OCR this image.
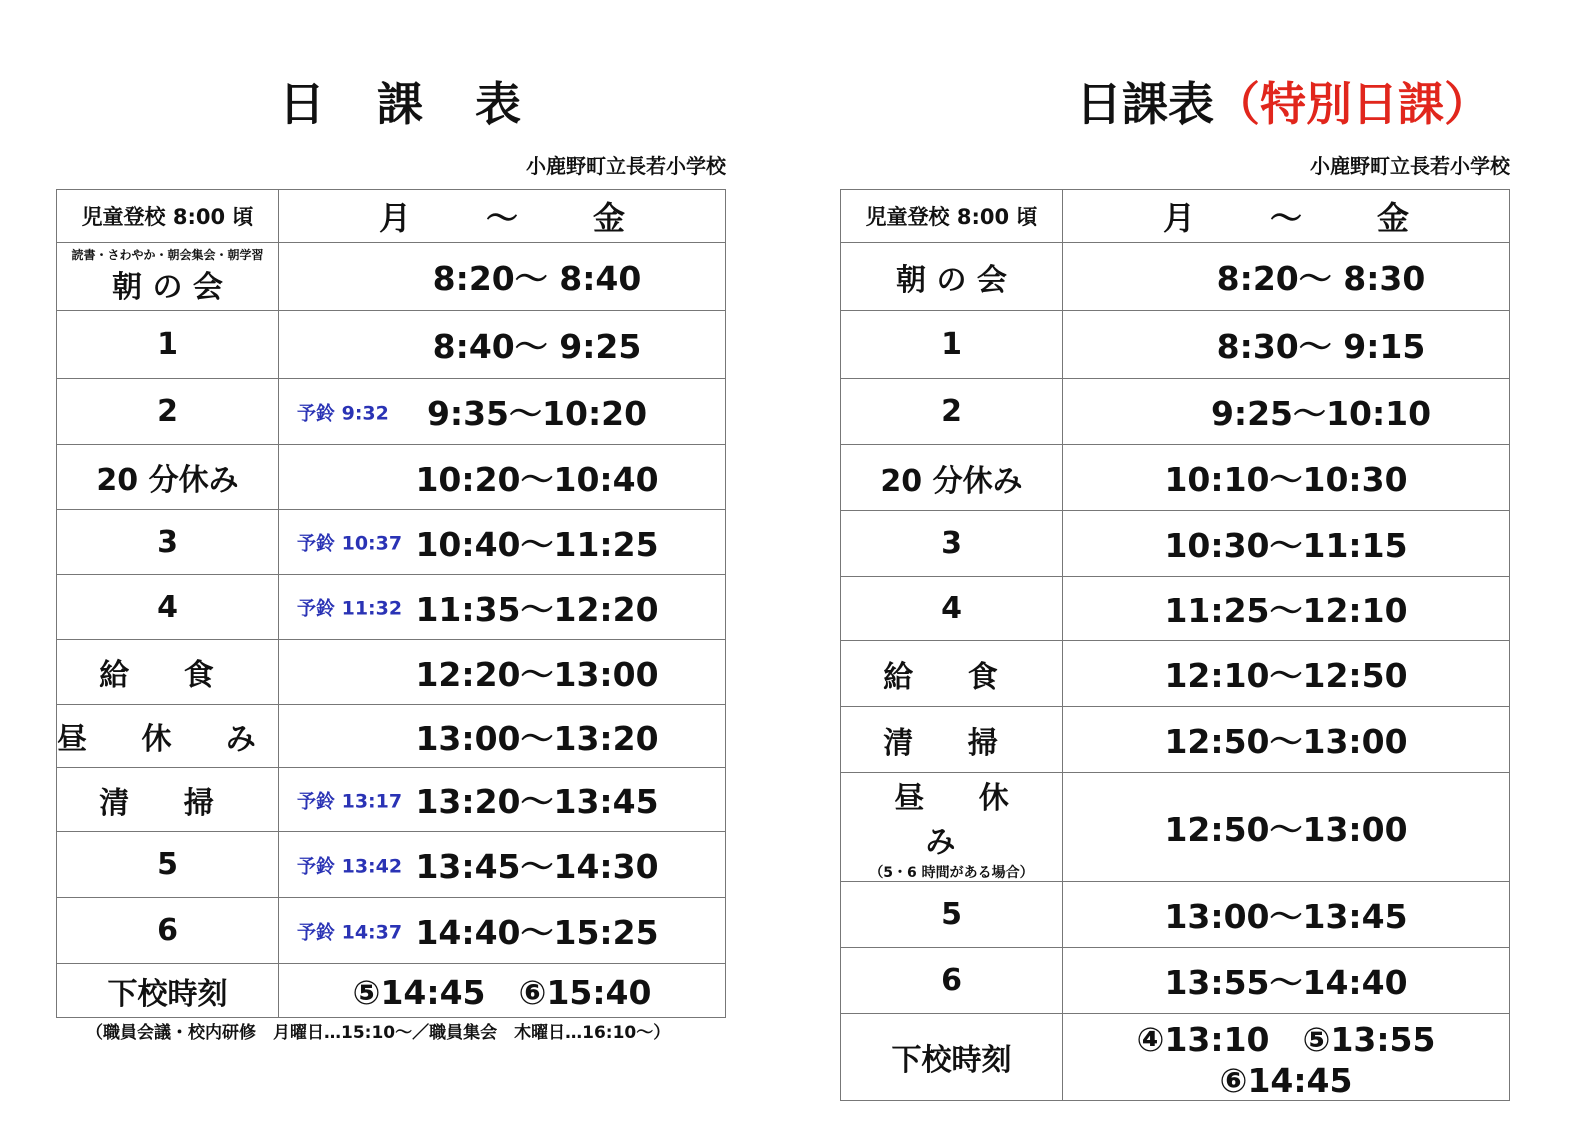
日課表
小鹿野町立長若小学校
児童登校 8:00 頃	月 ～ 金

読書・さわやか・朝会集会・朝学習
朝 の 会	8:20～ 8:40
1	8:40～ 9:25
2	予鈴 9:32 9:35～10:20
20 分休み	10:20～10:40
3	予鈴 10:37 10:40～11:25
4	予鈴 11:32 11:35～12:20
給 食	12:20～13:00
昼 休 み	13:00～13:20
清 掃	予鈴 13:17 13:20～13:45
5	予鈴 13:42 13:45～14:30
6	予鈴 14:37 14:40～15:25
下校時刻	⑤14:45　⑥15:40
（職員会議・校内研修　月曜日…15:10～／職員集会　木曜日…16:10～）
日課表（特別日課）
小鹿野町立長若小学校
児童登校 8:00 頃	月 ～ 金

朝 の 会	8:20～ 8:30
1	8:30～ 9:15
2	9:25～10:10
20 分休み	10:10～10:30
3	10:30～11:15
4	11:25～12:10
給 食	12:10～12:50
清 掃	12:50～13:00
昼 休 み
（5・6 時間がある場合）	12:50～13:00
5	13:00～13:45
6	13:55～14:40
下校時刻	④13:10　⑤13:55　⑥14:45
